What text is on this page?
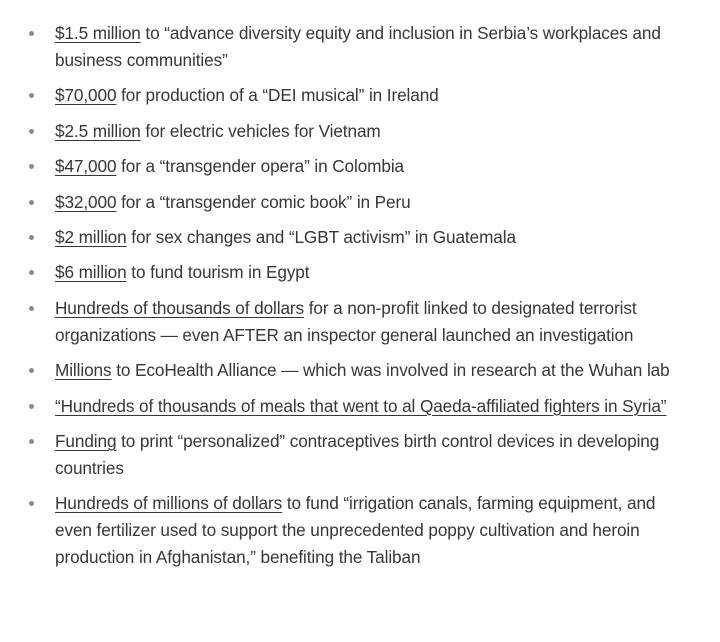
$1.5 million to “advance diversity equity and inclusion in Serbia’s workplaces and business communities”
$70,000 for production of a “DEI musical” in Ireland
$2.5 million for electric vehicles for Vietnam
$47,000 for a “transgender opera” in Colombia
$32,000 for a “transgender comic book” in Peru
$2 million for sex changes and “LGBT activism” in Guatemala
$6 million to fund tourism in Egypt
Hundreds of thousands of dollars for a non-profit linked to designated terrorist organizations — even AFTER an inspector general launched an investigation
Millions to EcoHealth Alliance — which was involved in research at the Wuhan lab
“Hundreds of thousands of meals that went to al Qaeda-affiliated fighters in Syria”
Funding to print “personalized” contraceptives birth control devices in developing countries
Hundreds of millions of dollars to fund “irrigation canals, farming equipment, and even fertilizer used to support the unprecedented poppy cultivation and heroin production in Afghanistan,” benefiting the Taliban
